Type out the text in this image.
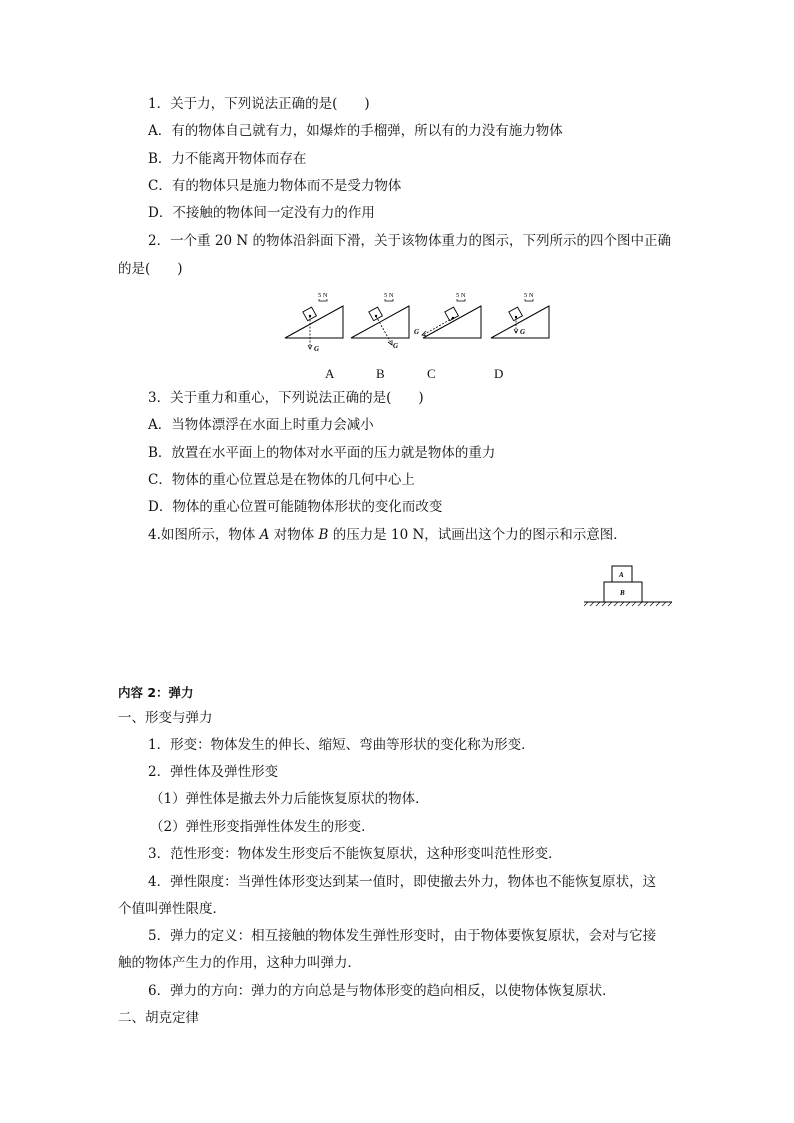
1．关于力，下列说法正确的是(　　)
A．有的物体自己就有力，如爆炸的手榴弹，所以有的力没有施力物体
B．力不能离开物体而存在
C．有的物体只是施力物体而不是受力物体
D．不接触的物体间一定没有力的作用
2．一个重 20 N 的物体沿斜面下滑，关于该物体重力的图示，下列所示的四个图中正确
的是(　　)
G
5 N
G
5 N
G
5 N
G
5 N
A	B	C	D
3．关于重力和重心，下列说法正确的是(　　)
A．当物体漂浮在水面上时重力会减小
B．放置在水平面上的物体对水平面的压力就是物体的重力
C．物体的重心位置总是在物体的几何中心上
D．物体的重心位置可能随物体形状的变化而改变
4.如图所示，物体 A 对物体 B 的压力是 10 N，试画出这个力的图示和示意图．
A
B
内容 2：弹力
一、形变与弹力
1．形变：物体发生的伸长、缩短、弯曲等形状的变化称为形变．
2．弹性体及弹性形变
（1）弹性体是撤去外力后能恢复原状的物体．
（2）弹性形变指弹性体发生的形变．
3．范性形变：物体发生形变后不能恢复原状，这种形变叫范性形变．
4．弹性限度：当弹性体形变达到某一值时，即使撤去外力，物体也不能恢复原状，这
个值叫弹性限度．
5．弹力的定义：相互接触的物体发生弹性形变时，由于物体要恢复原状，会对与它接
触的物体产生力的作用，这种力叫弹力．
6．弹力的方向：弹力的方向总是与物体形变的趋向相反，以使物体恢复原状．
二、胡克定律
